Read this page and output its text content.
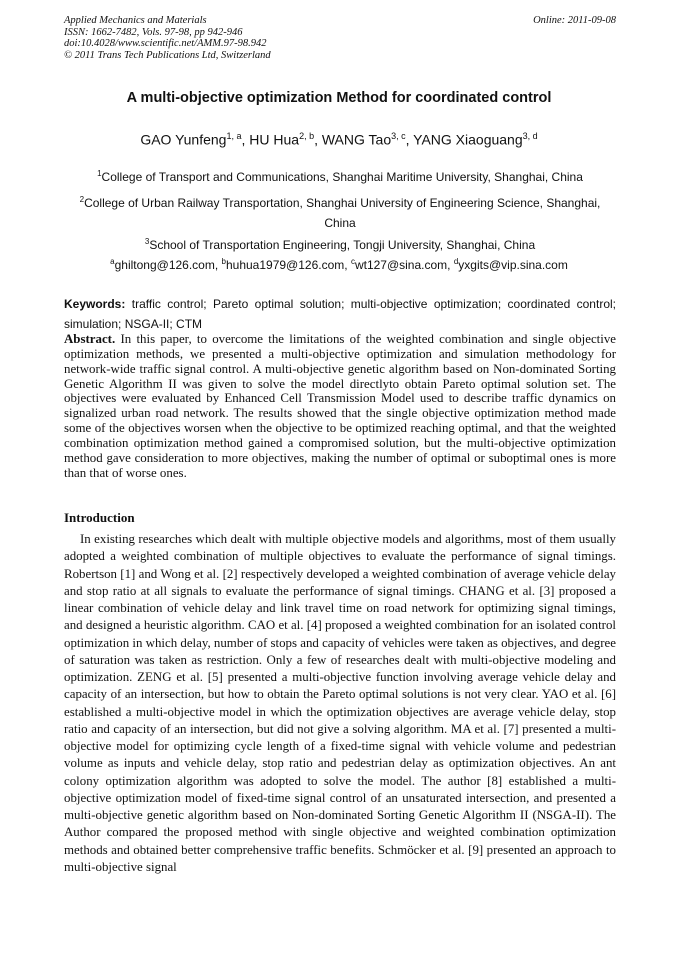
Applied Mechanics and Materials
ISSN: 1662-7482, Vols. 97-98, pp 942-946
doi:10.4028/www.scientific.net/AMM.97-98.942
© 2011 Trans Tech Publications Ltd, Switzerland
Online: 2011-09-08
A multi-objective optimization Method for coordinated control
GAO Yunfeng$^{1, a}$, HU Hua$^{2, b}$, WANG Tao$^{3, c}$, YANG Xiaoguang$^{3, d}$
$^1$College of Transport and Communications, Shanghai Maritime University, Shanghai, China
$^2$College of Urban Railway Transportation, Shanghai University of Engineering Science, Shanghai, China
$^3$School of Transportation Engineering, Tongji University, Shanghai, China
$^a$ghiltong@126.com, $^b$huhua1979@126.com, $^c$wt127@sina.com, $^d$yxgits@vip.sina.com
Keywords: traffic control; Pareto optimal solution; multi-objective optimization; coordinated control; simulation; NSGA-II; CTM
Abstract. In this paper, to overcome the limitations of the weighted combination and single objective optimization methods, we presented a multi-objective optimization and simulation methodology for network-wide traffic signal control. A multi-objective genetic algorithm based on Non-dominated Sorting Genetic Algorithm II was given to solve the model directlyto obtain Pareto optimal solution set. The objectives were evaluated by Enhanced Cell Transmission Model used to describe traffic dynamics on signalized urban road network. The results showed that the single objective optimization method made some of the objectives worsen when the objective to be optimized reaching optimal, and that the weighted combination optimization method gained a compromised solution, but the multi-objective optimization method gave consideration to more objectives, making the number of optimal or suboptimal ones is more than that of worse ones.
Introduction

In existing researches which dealt with multiple objective models and algorithms, most of them usually adopted a weighted combination of multiple objectives to evaluate the performance of signal timings. Robertson [1] and Wong et al. [2] respectively developed a weighted combination of average vehicle delay and stop ratio at all signals to evaluate the performance of signal timings. CHANG et al. [3] proposed a linear combination of vehicle delay and link travel time on road network for optimizing signal timings, and designed a heuristic algorithm. CAO et al. [4] proposed a weighted combination for an isolated control optimization in which delay, number of stops and capacity of vehicles were taken as objectives, and degree of saturation was taken as restriction. Only a few of researches dealt with multi-objective modeling and optimization. ZENG et al. [5] presented a multi-objective function involving average vehicle delay and capacity of an intersection, but how to obtain the Pareto optimal solutions is not very clear. YAO et al. [6] established a multi-objective model in which the optimization objectives are average vehicle delay, stop ratio and capacity of an intersection, but did not give a solving algorithm. MA et al. [7] presented a multi-objective model for optimizing cycle length of a fixed-time signal with vehicle volume and pedestrian volume as inputs and vehicle delay, stop ratio and pedestrian delay as optimization objectives. An ant colony optimization algorithm was adopted to solve the model. The author [8] established a multi-objective optimization model of fixed-time signal control of an unsaturated intersection, and presented a multi-objective genetic algorithm based on Non-dominated Sorting Genetic Algorithm II (NSGA-II). The Author compared the proposed method with single objective and weighted combination optimization methods and obtained better comprehensive traffic benefits. Schmöcker et al. [9] presented an approach to multi-objective signal
